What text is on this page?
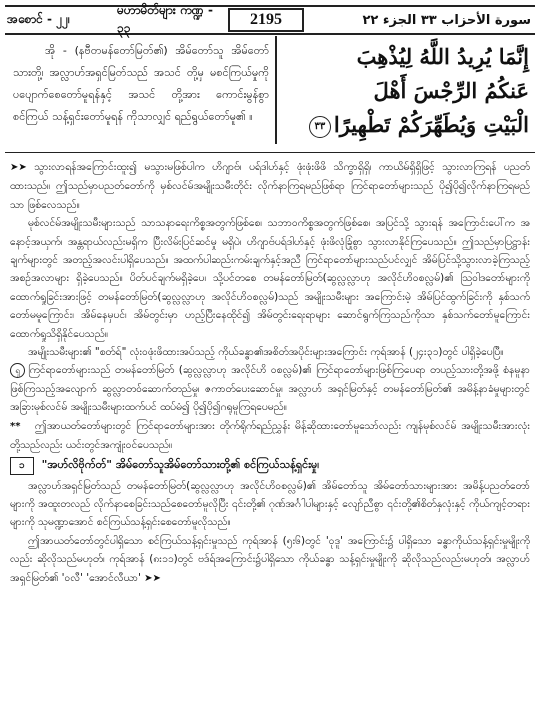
အစောင် - ၂၂၊
မဟာမိတ်များ ကဏ္ဍ - ၃၃	2195	سورة الأحزاب ٣٣ الجزء ٢٢

အို - (နဗီတမန်တော်မြတ်၏) အိမ်တော်သူ အိမ်တော်သားတို့၊ အလ္လာဟ်အရှင်မြတ်သည် အသင် တို့မှ မစင်ကြယ်မှုကို ပပျောက်စေတော်မူရန်နှင့် အသင် တို့အား ကောင်းမွန်စွာ စင်ကြယ် သန့်ရှင်းတော်မူရန် ကိုသာလျှင် ရည်ရွယ်တော်မူ၏ ။

إِنَّمَا يُرِيدُ اللَّهُ لِيُذْهِبَ
عَنكُمُ الرِّجْسَ أَهْلَ
الْبَيْتِ وَيُطَهِّرَكُمْ تَطْهِيرًا٣٣

➤➤ သွားလာရန်အကြောင်းထူး၍ မသွားမဖြစ်ပါက ဟိဂျာဗ်၊ ပရ်ဒါဟ်နှင့် ဖုံးဖုံးဖိဖိ သိက္ခာရှိရှိ၊ ကာယိမ်ရှိရှိဖြင့် သွားလာကြရန် ပညတ်ထားသည်။ ဤသည်မှာပညတ်တော်ကို မှစ်လင်မ်အမျိုးသမီးတိုင်း လိုက်နာကြရမည်ဖြစ်ရာ ကြင်ရာတော်များသည် ပို၍ပို၍လိုက်နာကြရမည်သာ ဖြစ်လေသည်။

မုစ်လင်မ်အမျိုးသမီးများသည် သာသနာရေးကိစ္စအတွက်ဖြစ်စေ၊ သဘာဝကိစ္စအတွက်ဖြစ်စေ၊ အပြင်သို့ သွားရန် အကြောင်းပေါ်က အနောင့်အယှက်၊ အန္တရာယ်လည်းမရှိက ပြီးလိမ်းပြင်ဆင်မှု မရှိပဲ၊ ဟိဂျာဗ်ပရ်ဒါဟ်နှင့် ဖုံးဖိလုံခြုံစွာ သွားလာနိုင်ကြပေသည်။ ဤသည်မှာပြဋ္ဌာန်းချက်များတွင် အတည့်အလင်းပါရှိပေသည်။ အထက်ပါဆည်းကမ်းချက်နှင့်အညီ ကြင်ရာတော်များသည်ပင်လျှင် အိမ်ပြင်သို့သွားလာခဲ့ကြသည့် အစဉ်အလာများ ရှိခဲ့ပေသည်။ ပိတ်ပင်ချက်မရှိခဲ့ပေ၊ သို့ပင်တစေ တမန်တော်မြတ်(ဆွလ္လလ္လာဟု အလိုင်ဟိဝစလ္လမ်)၏ ဩဝါဒတော်များကို ထောက်ရှုခြင်းအားဖြင့် တမန်တော်မြတ်(ဆွလ္လလ္လာဟု အလိုင်ဟိဝစလ္လမ်)သည် အမျိုးသမီးများ အကြောင်းမဲ့ အိမ်ပြင်ထွက်ခြင်းကို နှစ်သက်တော်မမူကြောင်း၊ အိမ်နေမှပင်၊ အိမ်တွင်းမှာ ဟည့်ပြီးနေထိုင်၍ အိမ်တွင်းရေးရာများ ဆောင်ရွက်ကြသည်ကိုသာ နှစ်သက်တော်မူကြောင်း ထောက်ရှုသိရှိနိုင်ပေသည်။

အမျိုးသမီးများ၏ "စတ်ရ်" လုံးဝဖုံးဖိထားအပ်သည့် ကိုယ်ခန္ဓာ၏အစိတ်အပိုင်းများအကြောင်း ကုရ်အာန် (၂၄း၃၁)တွင် ပါရှိခဲ့ပေပြီ။

ၡ ကြင်ရာတော်များသည် တမန်တော်မြတ် (ဆွလ္လလ္လာဟု အလိုင်ဟိ ဝစလ္လမ်)၏ ကြင်ရာတော်များဖြစ်ကြပေရာ တပည့်သားတို့အဖို့ စံနမူနာဖြစ်ကြသည့်အလျောက် ဆွလ္လာတဝ်ဆောက်တည်မှု၊ ဇကာတ်ပေးဆောင်မှု၊ အလ္လာဟ် အရှင်မြတ်နှင့် တမန်တော်မြတ်၏ အမိန့်နာခံမှုများတွင် အခြားမုစ်လင်မ် အမျိုးသမီးများထက်ပင် ထပ်မံ၍ ပို၍ပို၍ဂရုမူကြရပေမည်။

** ဤအာယတ်တော်များတွင် ကြင်ရာတော်များအား တိုက်ရိုက်ရည်ညွှန်း မိန့်ဆိုထားတော်မူသော်လည်း ကျန်မုစ်လင်မ် အမျိုးသမီးအားလုံး တို့သည်လည်း ယင်းတွင်အကျုံးဝင်ပေသည်။

၁	"အဟ်လိဗိုက်တ်" အိမ်တော်သူအိမ်တော်သားတို့၏ စင်ကြယ်သန့်ရှင်းမှု၊

အလ္လာဟ်အရှင်မြတ်သည် တမန်တော်မြတ်(ဆွလ္လလ္လာဟု အလိုင်ဟိဝစလ္လမ်)၏ အိမ်တော်သူ အိမ်တော်သားများအား အမိန့်ပညတ်တော်များကို အထူးတလည် လိုက်နာစေခြင်းသည်စေတော်မူလိုပြီး ၎င်းတို့၏ ဂုဏ်အင်္ဂါပါများနှင့် လျော်ညီစွာ ၎င်းတို့၏စိတ်နှလုံးနှင့် ကိုယ်ကျင့်တရားများကို သုမဏ္ဍာအောင် စင်ကြယ်သန့်ရှင်းစေတော်မူလိုသည်။

ဤအာယတ်တော်တွင်ပါရှိသော စင်ကြယ်သန့်ရှင်းမှုသည် ကုရ်အာန် (၅း၆)တွင် 'ဝုဒူ' အကြောင်း၌ ပါရှိသော ခန္ဓာကိုယ်သန့်ရှင်းမှုမျိုးကိုလည်း ဆိုလိုသည်မဟုတ်၊ ကုရ်အာန် (၈း၁၁)တွင် ဗဒ်ရ်အကြောင်း၌ပါရှိသော ကိုယ်ခန္ဓာ သန့်ရှင်းမှုမျိုးကို ဆိုလိုသည်လည်းမဟုတ်၊ အလ္လာဟ်အရှင်မြတ်၏ 'ဝလီ' 'အောင်လီယာ' ➤➤
